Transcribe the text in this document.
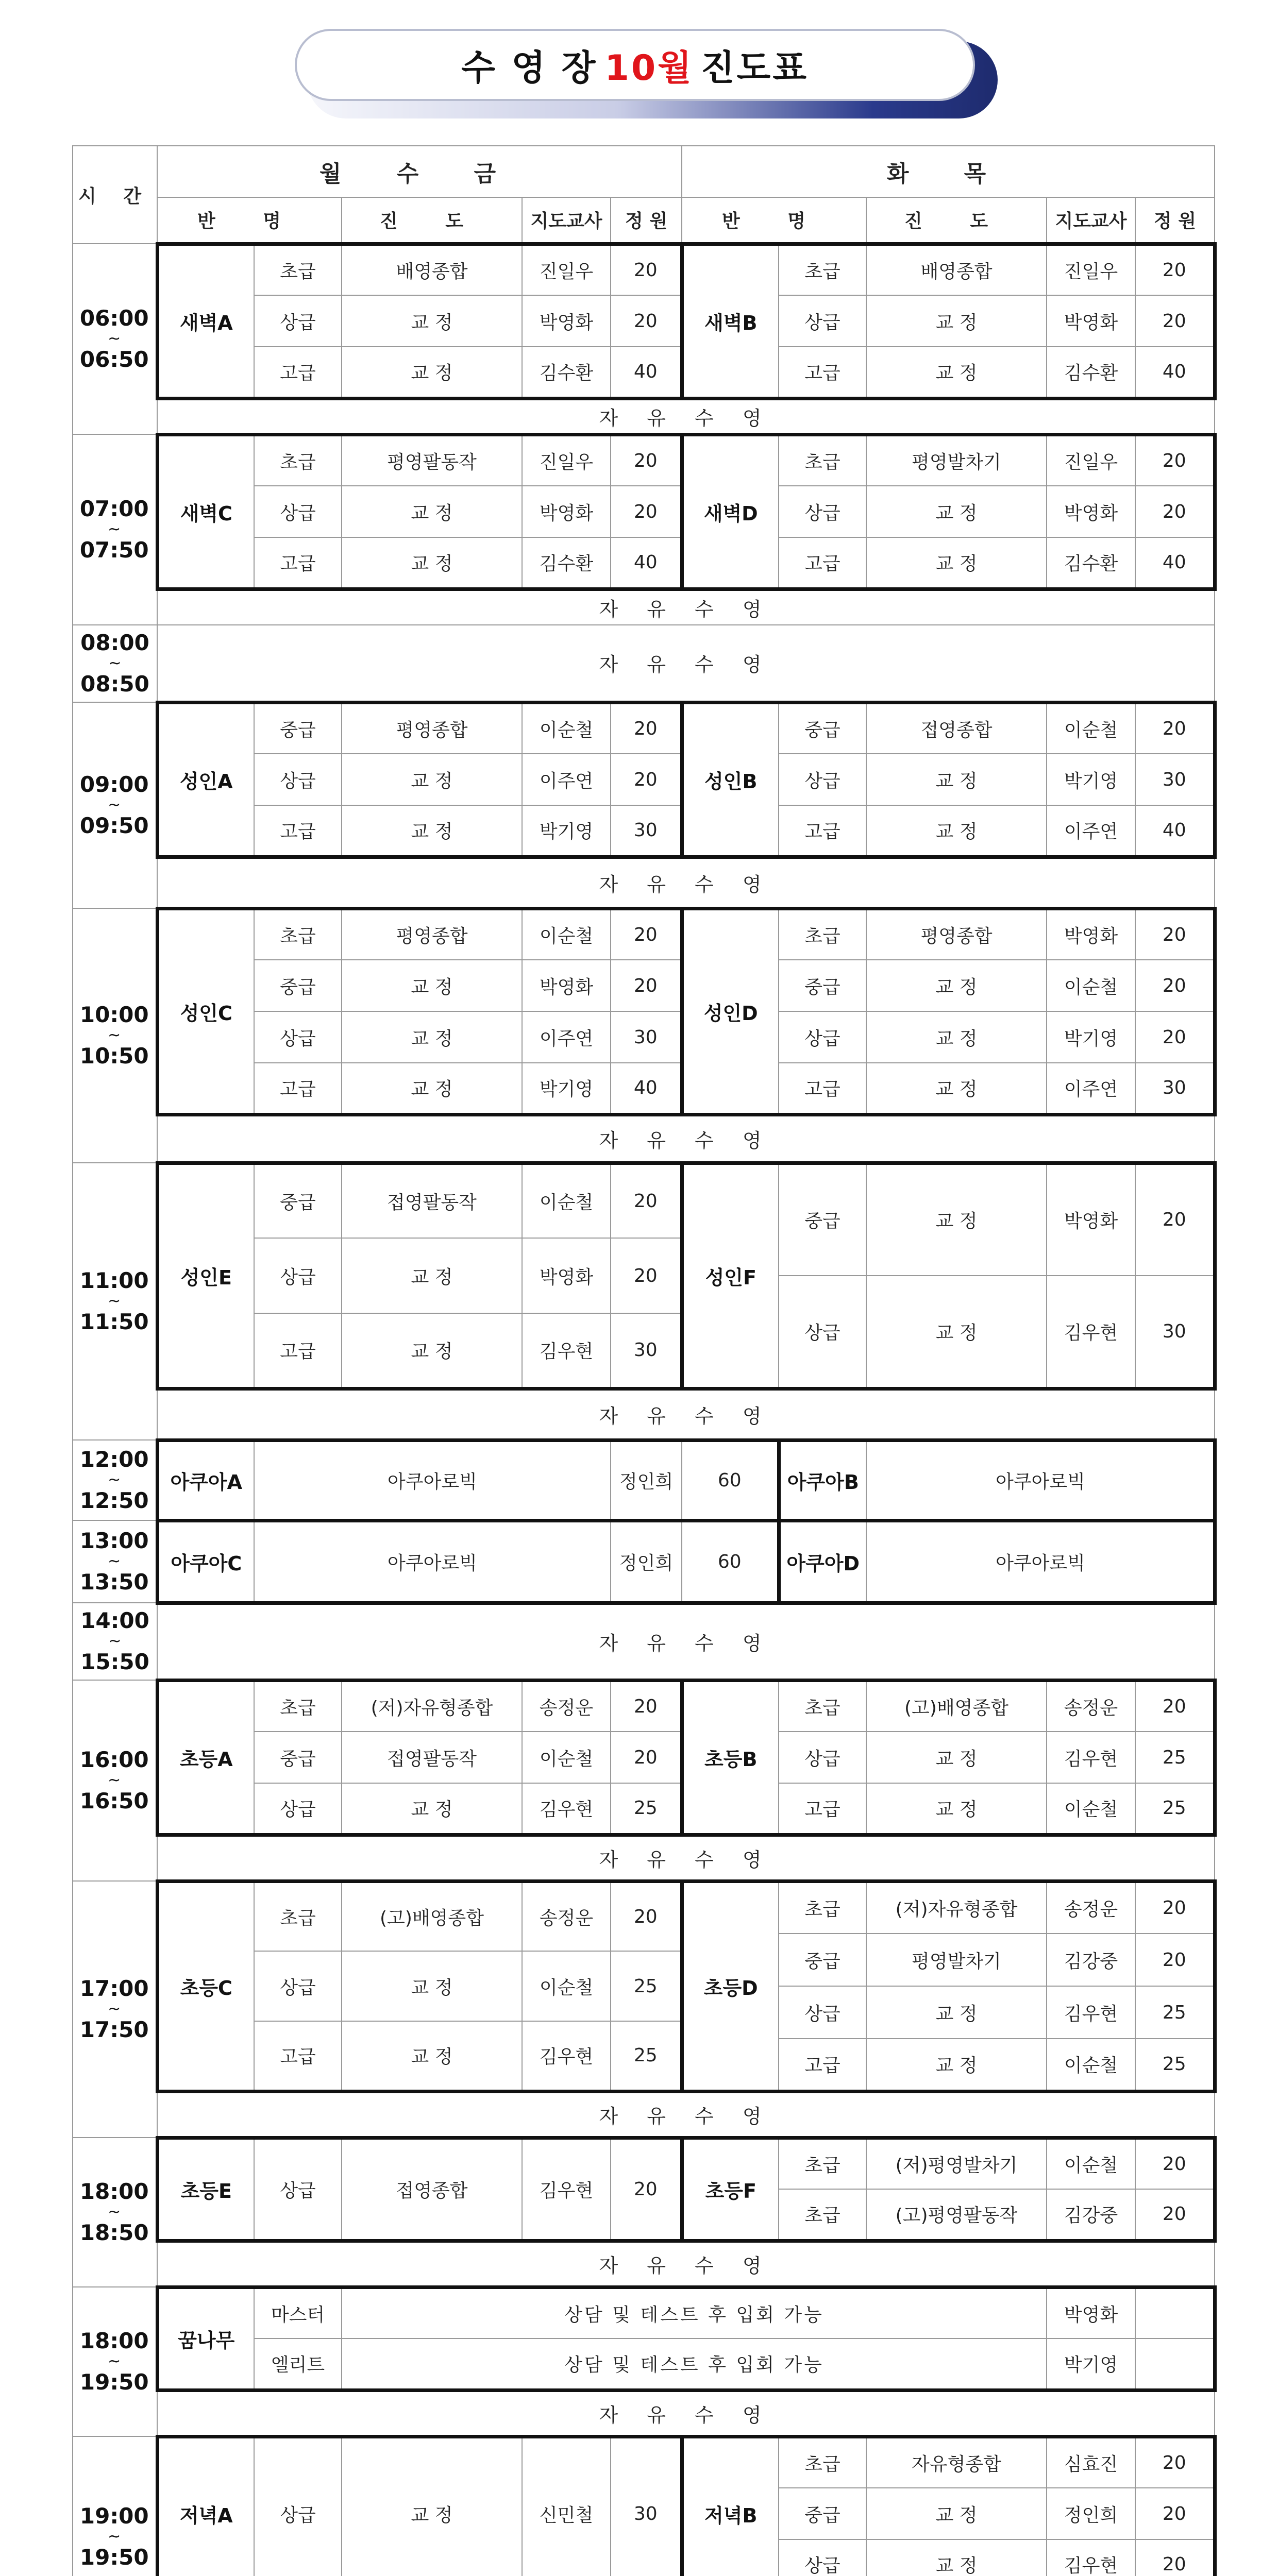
수 영 장 10월 진도표
시 간	월 수 금					화 목					
	반 명		진 도	지도교사	정 원	반 명		진 도	지도교사	정 원	

06:00
~
06:50	새벽A	초급	배영종합	진일우	20	새벽B	초급	배영종합	진일우	20	
		상급	교 정	박영화	20		상급	교 정	박영화	20	
		고급	교 정	김수환	40		고급	교 정	김수환	40	
	자 유 수 영										

07:00
~
07:50	새벽C	초급	평영팔동작	진일우	20	새벽D	초급	평영발차기	진일우	20	
		상급	교 정	박영화	20		상급	교 정	박영화	20	
		고급	교 정	김수환	40		고급	교 정	김수환	40	
	자 유 수 영										

08:00
~
08:50	자 유 수 영										

09:00
~
09:50	성인A	중급	평영종합	이순철	20	성인B	중급	접영종합	이순철	20	
		상급	교 정	이주연	20		상급	교 정	박기영	30	
		고급	교 정	박기영	30		고급	교 정	이주연	40	
	자 유 수 영										

10:00
~
10:50	성인C	초급	평영종합	이순철	20	성인D	초급	평영종합	박영화	20	
		중급	교 정	박영화	20		중급	교 정	이순철	20	
		상급	교 정	이주연	30		상급	교 정	박기영	20	
		고급	교 정	박기영	40		고급	교 정	이주연	30	
	자 유 수 영										

11:00
~
11:50	성인E	중급	접영팔동작	이순철	20	성인F	중급	교 정	박영화	20	

		상급	교 정	박영화	20						
							상급	교 정	김우현	30	
		고급	교 정	김우현	30						

	자 유 수 영										

12:00
~
12:50	아쿠아A	아쿠아로빅			정인희	60	아쿠아B	아쿠아로빅		

13:00
~
13:50	아쿠아C	아쿠아로빅			정인희	60	아쿠아D	아쿠아로빅		

14:00
~
15:50	자 유 수 영										

16:00
~
16:50	초등A	초급	(저)자유형종합	송정운	20	초등B	초급	(고)배영종합	송정운	20	
		중급	접영팔동작	이순철	20		상급	교 정	김우현	25	
		상급	교 정	김우현	25		고급	교 정	이순철	25	
	자 유 수 영										

17:00
~
17:50	초등C	초급	(고)배영종합	송정운	20	초등D	초급	(저)자유형종합	송정운	20	

							중급	평영발차기	김강중	20	
		상급	교 정	이순철	25						

							상급	교 정	김우현	25	

		고급	교 정	김우현	25						
							고급	교 정	이순철	25	

	자 유 수 영										

18:00
~
18:50	초등E	상급	접영종합	김우현	20	초등F	초급	(저)평영발차기	이순철	20	
							초급	(고)평영팔동작	김강중	20	
	자 유 수 영										

18:00
~
19:50	꿈나무	마스터	상담 및 테스트 후 입회 가능						박영화		
		엘리트	상담 및 테스트 후 입회 가능						박기영		
	자 유 수 영										

19:00
~
19:50	저녁A	상급	교 정	신민철	30	저녁B	초급	자유형종합	심효진	20	
							중급	교 정	정인희	20	
							상급	교 정	김우현	20	
